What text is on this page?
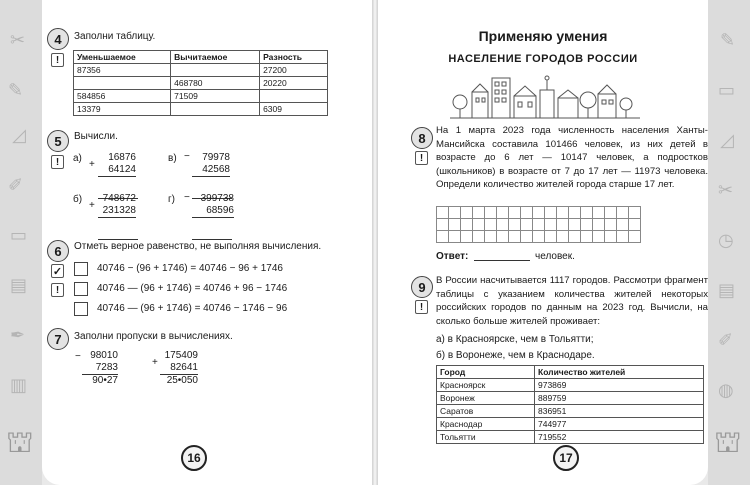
✂
✎
◿
✐
▭
▤
✒
▥
⛫
✎
▭
◿
✂
◷
▤
✐
◍
⛫
4
!
Заполни таблицу.
Уменьшаемое	Вычитаемое	Разность
87356		27200
	468780	20220
584856	71509	
13379		6309
5
!
Вычисли.
а)
+
16876
64124
в) −	79978
42568
б)
+
748672
231328
г) −	399738
68596
6
✓
!
Отметь верное равенство, не выполняя вычисления.
40746 − (96 + 1746) = 40746 − 96 + 1746
40746 — (96 + 1746) = 40746 + 96 − 1746
40746 — (96 + 1746) = 40746 − 1746 − 96
7	Заполни пропуски в вычислениях.
− 98010
7283
90•27
+
175409
82641
25•050
16
Применяю умения
НАСЕЛЕНИЕ ГОРОДОВ РОССИИ
8
!
На 1 марта 2023 года численность населения Ханты-Мансийска составила 101466 человек, из них детей в возрасте до 6 лет — 10147 человек, а подростков (школьников) в возрасте от 7 до 17 лет — 11973 человека. Определи количество жителей города старше 17 лет.
Ответ:	человек.
9
!
В России насчитывается 1117 городов. Рассмотри фрагмент таблицы с указанием количества жителей некоторых российских городов по данным на 2023 год. Вычисли, на сколько больше жителей проживает:
а) в Красноярске, чем в Тольятти;
б) в Воронеже, чем в Краснодаре.
Город	Количество жителей
Красноярск	973869
Воронеж	889759
Саратов	836951
Краснодар	744977
Тольятти	719552
17
